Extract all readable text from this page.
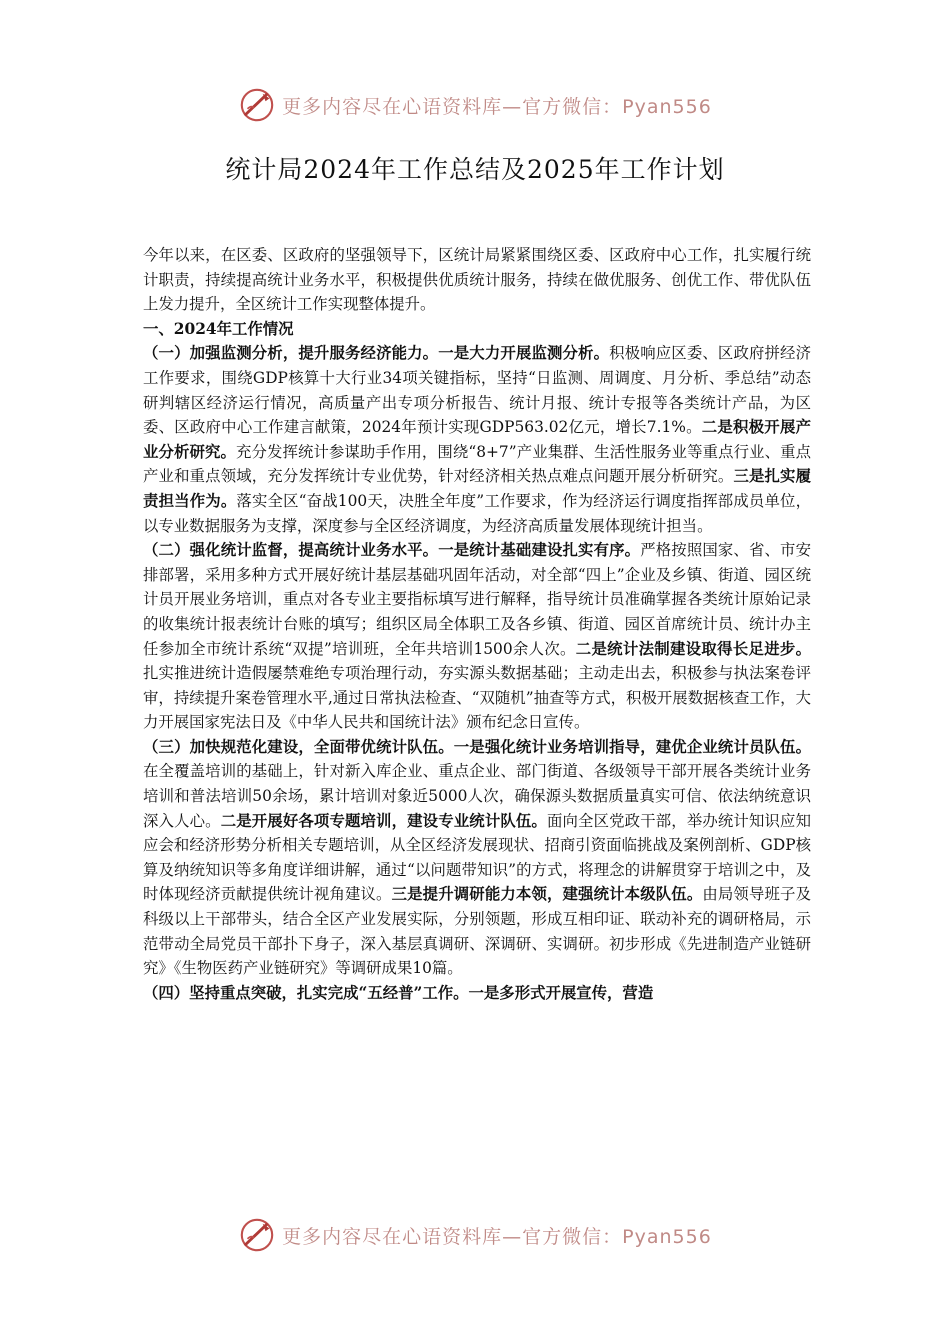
更多内容尽在心语资料库—官方微信：Pyan556
统计局2024年工作总结及2025年工作计划

今年以来，在区委、区政府的坚强领导下，区统计局紧紧围绕区委、区政府中心工作，扎实履行统计职责，持续提高统计业务水平，积极提供优质统计服务，持续在做优服务、创优工作、带优队伍上发力提升，全区统计工作实现整体提升。

一、2024年工作情况

（一）加强监测分析，提升服务经济能力。一是大力开展监测分析。积极响应区委、区政府拼经济工作要求，围绕GDP核算十大行业34项关键指标，坚持“日监测、周调度、月分析、季总结”动态研判辖区经济运行情况，高质量产出专项分析报告、统计月报、统计专报等各类统计产品，为区委、区政府中心工作建言献策，2024年预计实现GDP563.02亿元，增长7.1%。二是积极开展产业分析研究。充分发挥统计参谋助手作用，围绕“8+7”产业集群、生活性服务业等重点行业、重点产业和重点领域，充分发挥统计专业优势，针对经济相关热点难点问题开展分析研究。三是扎实履责担当作为。落实全区“奋战100天，决胜全年度”工作要求，作为经济运行调度指挥部成员单位，以专业数据服务为支撑，深度参与全区经济调度，为经济高质量发展体现统计担当。

（二）强化统计监督，提高统计业务水平。一是统计基础建设扎实有序。严格按照国家、省、市安排部署，采用多种方式开展好统计基层基础巩固年活动，对全部“四上”企业及乡镇、街道、园区统计员开展业务培训，重点对各专业主要指标填写进行解释，指导统计员准确掌握各类统计原始记录的收集统计报表统计台账的填写；组织区局全体职工及各乡镇、街道、园区首席统计员、统计办主任参加全市统计系统“双提”培训班，全年共培训1500余人次。二是统计法制建设取得长足进步。扎实推进统计造假屡禁难绝专项治理行动，夯实源头数据基础；主动走出去，积极参与执法案卷评审，持续提升案卷管理水平,通过日常执法检查、“双随机”抽查等方式，积极开展数据核查工作，大力开展国家宪法日及《中华人民共和国统计法》颁布纪念日宣传。

（三）加快规范化建设，全面带优统计队伍。一是强化统计业务培训指导，建优企业统计员队伍。在全覆盖培训的基础上，针对新入库企业、重点企业、部门街道、各级领导干部开展各类统计业务培训和普法培训50余场，累计培训对象近5000人次，确保源头数据质量真实可信、依法纳统意识深入人心。二是开展好各项专题培训，建设专业统计队伍。面向全区党政干部，举办统计知识应知应会和经济形势分析相关专题培训，从全区经济发展现状、招商引资面临挑战及案例剖析、GDP核算及纳统知识等多角度详细讲解，通过“以问题带知识”的方式，将理念的讲解贯穿于培训之中，及时体现经济贡献提供统计视角建议。三是提升调研能力本领，建强统计本级队伍。由局领导班子及科级以上干部带头，结合全区产业发展实际，分别领题，形成互相印证、联动补充的调研格局，示范带动全局党员干部扑下身子，深入基层真调研、深调研、实调研。初步形成《先进制造产业链研究》《生物医药产业链研究》等调研成果10篇。

（四）坚持重点突破，扎实完成“五经普”工作。一是多形式开展宣传，营造

更多内容尽在心语资料库—官方微信：Pyan556
